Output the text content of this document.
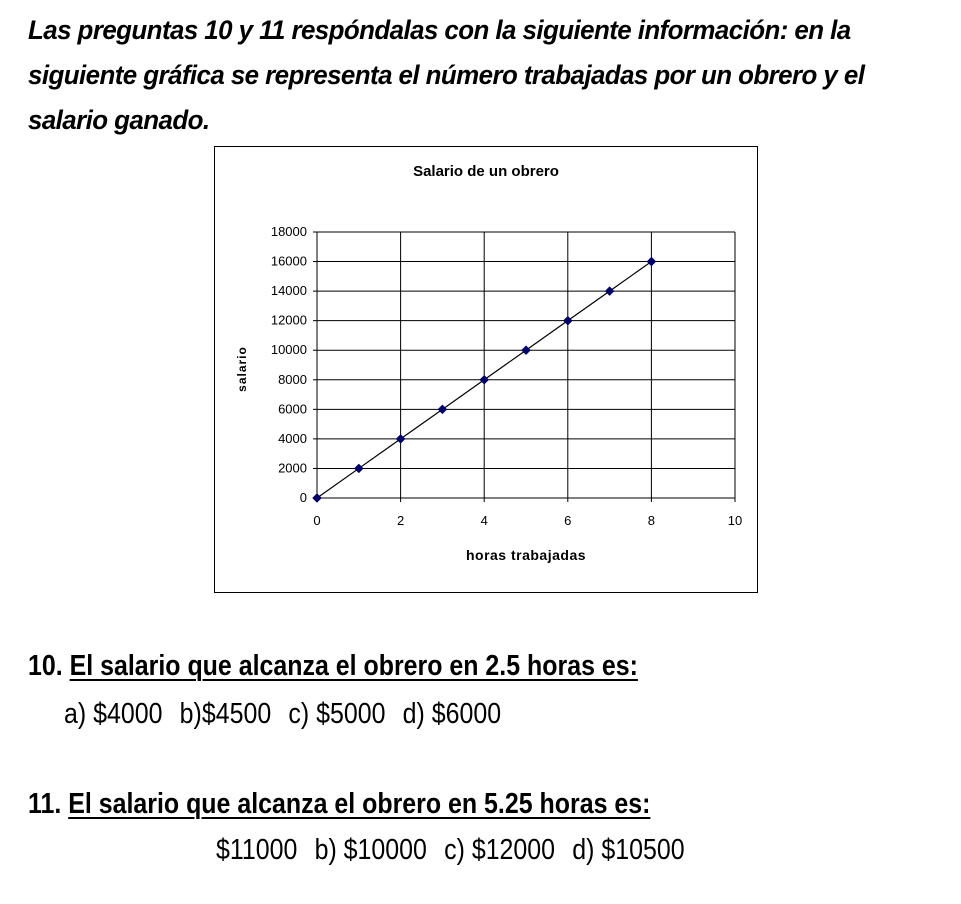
Las preguntas 10 y 11 respóndalas con la siguiente información: en la siguiente gráfica se representa el número trabajadas por un obrero y el salario ganado.

Salario de un obrero
horas trabajadas
salario
0
2000
4000
6000
8000
10000
12000
14000
16000
18000
0	2	4	6	8	10
10. El salario que alcanza el obrero en 2.5 horas es:
a) $4000 b)$4500 c) $5000 d) $6000
11. El salario que alcanza el obrero en 5.25 horas es:
$11000 b) $10000 c) $12000 d) $10500
